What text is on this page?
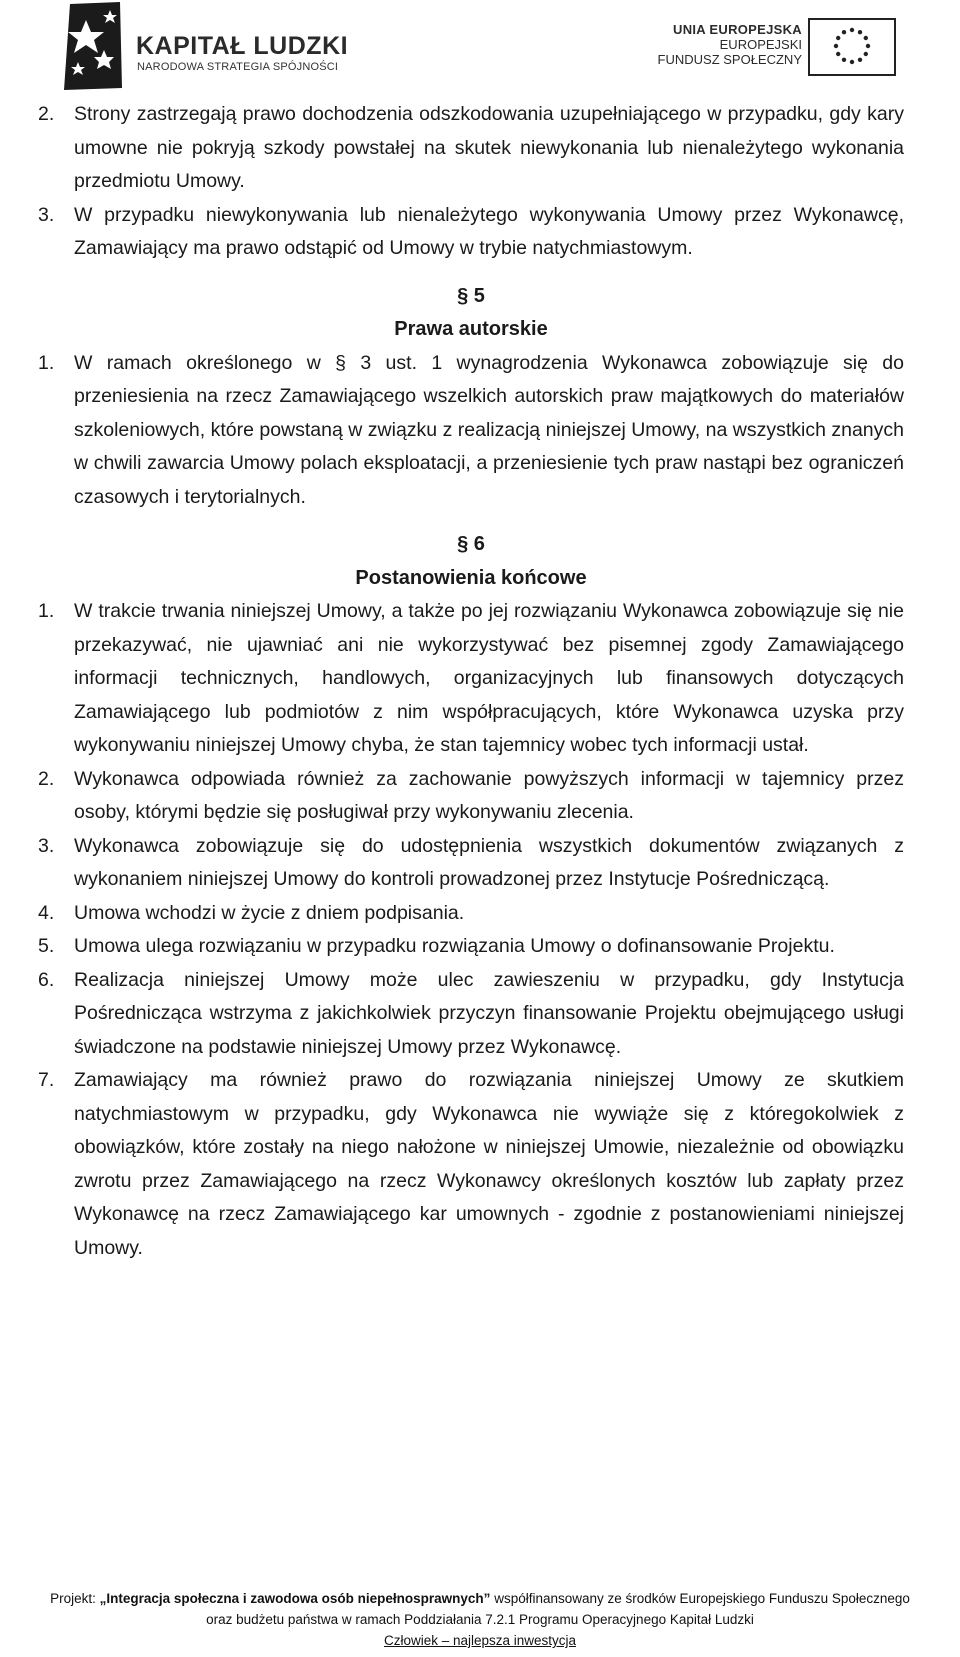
KAPITAŁ LUDZKI
NARODOWA STRATEGIA SPÓJNOŚCI
UNIA EUROPEJSKA
EUROPEJSKI
FUNDUSZ SPOŁECZNY
2. Strony zastrzegają prawo dochodzenia odszkodowania uzupełniającego w przypadku, gdy kary umowne nie pokryją szkody powstałej na skutek niewykonania lub nienależytego wykonania przedmiotu Umowy.
3. W przypadku niewykonywania lub nienależytego wykonywania Umowy przez Wykonawcę, Zamawiający ma prawo odstąpić od Umowy w trybie natychmiastowym.
§ 5
Prawa autorskie
1. W ramach określonego w § 3 ust. 1 wynagrodzenia Wykonawca zobowiązuje się do przeniesienia na rzecz Zamawiającego wszelkich autorskich praw majątkowych do materiałów szkoleniowych, które powstaną w związku z realizacją niniejszej Umowy, na wszystkich znanych w chwili zawarcia Umowy polach eksploatacji, a przeniesienie tych praw nastąpi bez ograniczeń czasowych i terytorialnych.
§ 6
Postanowienia końcowe
1. W trakcie trwania niniejszej Umowy, a także po jej rozwiązaniu Wykonawca zobowiązuje się nie przekazywać, nie ujawniać ani nie wykorzystywać bez pisemnej zgody Zamawiającego informacji technicznych, handlowych, organizacyjnych lub finansowych dotyczących Zamawiającego lub podmiotów z nim współpracujących, które Wykonawca uzyska przy wykonywaniu niniejszej Umowy chyba, że stan tajemnicy wobec tych informacji ustał.
2. Wykonawca odpowiada również za zachowanie powyższych informacji w tajemnicy przez osoby, którymi będzie się posługiwał przy wykonywaniu zlecenia.
3. Wykonawca zobowiązuje się do udostępnienia wszystkich dokumentów związanych z wykonaniem niniejszej Umowy do kontroli prowadzonej przez Instytucje Pośredniczącą.
4. Umowa wchodzi w życie z dniem podpisania.
5. Umowa ulega rozwiązaniu w przypadku rozwiązania Umowy o dofinansowanie Projektu.
6. Realizacja niniejszej Umowy może ulec zawieszeniu w przypadku, gdy Instytucja Pośrednicząca wstrzyma z jakichkolwiek przyczyn finansowanie Projektu obejmującego usługi świadczone na podstawie niniejszej Umowy przez Wykonawcę.
7. Zamawiający ma również prawo do rozwiązania niniejszej Umowy ze skutkiem natychmiastowym w przypadku, gdy Wykonawca nie wywiąże się z któregokolwiek z obowiązków, które zostały na niego nałożone w niniejszej Umowie, niezależnie od obowiązku zwrotu przez Zamawiającego na rzecz Wykonawcy określonych kosztów lub zapłaty przez Wykonawcę na rzecz Zamawiającego kar umownych - zgodnie z postanowieniami niniejszej Umowy.
Projekt: „Integracja społeczna i zawodowa osób niepełnosprawnych” współfinansowany ze środków Europejskiego Funduszu Społecznego
oraz budżetu państwa w ramach Poddziałania 7.2.1 Programu Operacyjnego Kapitał Ludzki
Człowiek – najlepsza inwestycja
